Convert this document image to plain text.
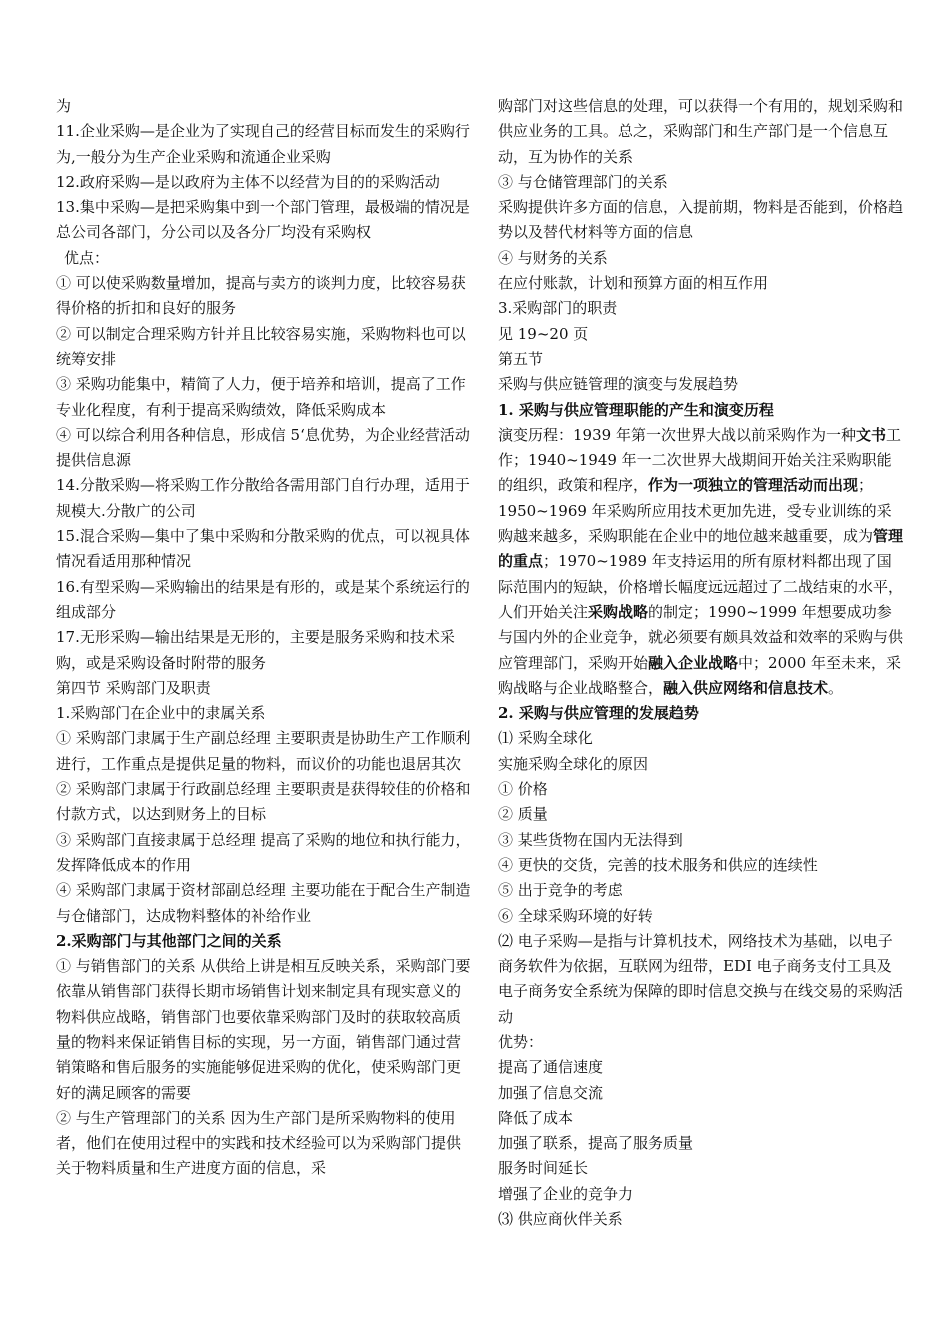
为

11.企业采购—是企业为了实现自己的经营目标而发生的采购行为,一般分为生产企业采购和流通企业采购

12.政府采购—是以政府为主体不以经营为目的的采购活动

13.集中采购—是把采购集中到一个部门管理，最极端的情况是总公司各部门，分公司以及各分厂均没有采购权

优点：

① 可以使采购数量增加，提高与卖方的谈判力度，比较容易获得价格的折扣和良好的服务

② 可以制定合理采购方针并且比较容易实施，采购物料也可以统筹安排

③ 采购功能集中，精简了人力，便于培养和培训，提高了工作专业化程度，有利于提高采购绩效，降低采购成本

④ 可以综合利用各种信息，形成信 5‘息优势，为企业经营活动提供信息源

14.分散采购—将采购工作分散给各需用部门自行办理，适用于规模大.分散广的公司

15.混合采购—集中了集中采购和分散采购的优点，可以视具体情况看适用那种情况

16.有型采购—采购输出的结果是有形的，或是某个系统运行的组成部分

17.无形采购—输出结果是无形的，主要是服务采购和技术采购，或是采购设备时附带的服务

第四节 采购部门及职责

1.采购部门在企业中的隶属关系

① 采购部门隶属于生产副总经理 主要职责是协助生产工作顺利进行，工作重点是提供足量的物料，而议价的功能也退居其次

② 采购部门隶属于行政副总经理 主要职责是获得较佳的价格和付款方式，以达到财务上的目标

③ 采购部门直接隶属于总经理 提高了采购的地位和执行能力，发挥降低成本的作用

④ 采购部门隶属于资材部副总经理 主要功能在于配合生产制造与仓储部门，达成物料整体的补给作业

2.采购部门与其他部门之间的关系

① 与销售部门的关系 从供给上讲是相互反映关系，采购部门要依靠从销售部门获得长期市场销售计划来制定具有现实意义的物料供应战略，销售部门也要依靠采购部门及时的获取较高质量的物料来保证销售目标的实现，另一方面，销售部门通过营销策略和售后服务的实施能够促进采购的优化，使采购部门更好的满足顾客的需要

② 与生产管理部门的关系 因为生产部门是所采购物料的使用者，他们在使用过程中的实践和技术经验可以为采购部门提供关于物料质量和生产进度方面的信息，采

购部门对这些信息的处理，可以获得一个有用的，规划采购和供应业务的工具。总之，采购部门和生产部门是一个信息互动，互为协作的关系

③ 与仓储管理部门的关系

采购提供许多方面的信息，入提前期，物料是否能到，价格趋势以及替代材料等方面的信息

④ 与财务的关系

在应付账款，计划和预算方面的相互作用

3.采购部门的职责

见 19~20 页

第五节

采购与供应链管理的演变与发展趋势

1. 采购与供应管理职能的产生和演变历程

演变历程：1939 年第一次世界大战以前采购作为一种文书工作；1940~1949 年一二次世界大战期间开始关注采购职能的组织，政策和程序，作为一项独立的管理活动而出现；1950~1969 年采购所应用技术更加先进，受专业训练的采购越来越多，采购职能在企业中的地位越来越重要，成为管理的重点；1970~1989 年支持运用的所有原材料都出现了国际范围内的短缺，价格增长幅度远远超过了二战结束的水平，人们开始关注采购战略的制定；1990~1999 年想要成功参与国内外的企业竞争，就必须要有颇具效益和效率的采购与供应管理部门，采购开始融入企业战略中；2000 年至未来，采购战略与企业战略整合，融入供应网络和信息技术。

2. 采购与供应管理的发展趋势

⑴ 采购全球化

实施采购全球化的原因

① 价格

② 质量

③ 某些货物在国内无法得到

④ 更快的交货，完善的技术服务和供应的连续性

⑤ 出于竞争的考虑

⑥ 全球采购环境的好转

⑵ 电子采购—是指与计算机技术，网络技术为基础，以电子商务软件为依据，互联网为纽带，EDI 电子商务支付工具及电子商务安全系统为保障的即时信息交换与在线交易的采购活动

优势：

提高了通信速度

加强了信息交流

降低了成本

加强了联系，提高了服务质量

服务时间延长

增强了企业的竞争力

⑶ 供应商伙伴关系
